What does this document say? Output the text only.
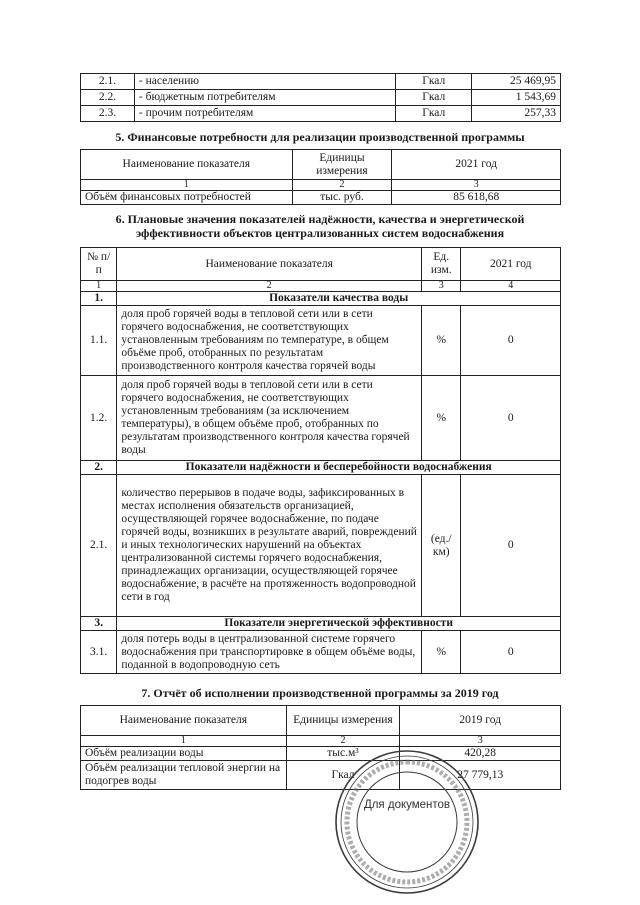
2.1.	- населению	Гкал	25 469,95
2.2.	- бюджетным потребителям	Гкал	1 543,69
2.3.	- прочим потребителям	Гкал	257,33
5. Финансовые потребности для реализации производственной программы
Наименование показателя	Единицы измерения	2021 год
1	2	3
Объём финансовых потребностей	тыс. руб.	85 618,68
6. Плановые значения показателей надёжности, качества и энергетической эффективности объектов централизованных систем водоснабжения
№ п/п	Наименование показателя	Ед. изм.	2021 год
1	2	3	4
1.	Показатели качества воды		
1.1.	доля проб горячей воды в тепловой сети или в сети горячего водоснабжения, не соответствующих установленным требованиям по температуре, в общем объёме проб, отобранных по результатам производственного контроля качества горячей воды	%	0
1.2.	доля проб горячей воды в тепловой сети или в сети горячего водоснабжения, не соответствующих установленным требованиям (за исключением температуры), в общем объёме проб, отобранных по результатам производственного контроля качества горячей воды	%	0
2.	Показатели надёжности и бесперебойности водоснабжения		
2.1.	количество перерывов в подаче воды, зафиксированных в местах исполнения обязательств организацией, осуществляющей горячее водоснабжение, по подаче горячей воды, возникших в результате аварий, повреждений и иных технологических нарушений на объектах централизованной системы горячего водоснабжения, принадлежащих организации, осуществляющей горячее водоснабжение, в расчёте на протяженность водопроводной сети в год	(ед./км)	0
3.	Показатели энергетической эффективности		
3.1.	доля потерь воды в централизованной системе горячего водоснабжения при транспортировке в общем объёме воды, поданной в водопроводную сеть	%	0
7. Отчёт об исполнении производственной программы за 2019 год
Наименование показателя	Единицы измерения	2019 год
1	2	3
Объём реализации воды	тыс.м³	420,28
Объём реализации тепловой энергии на подогрев воды	Гкал	27 779,13
Для документов
